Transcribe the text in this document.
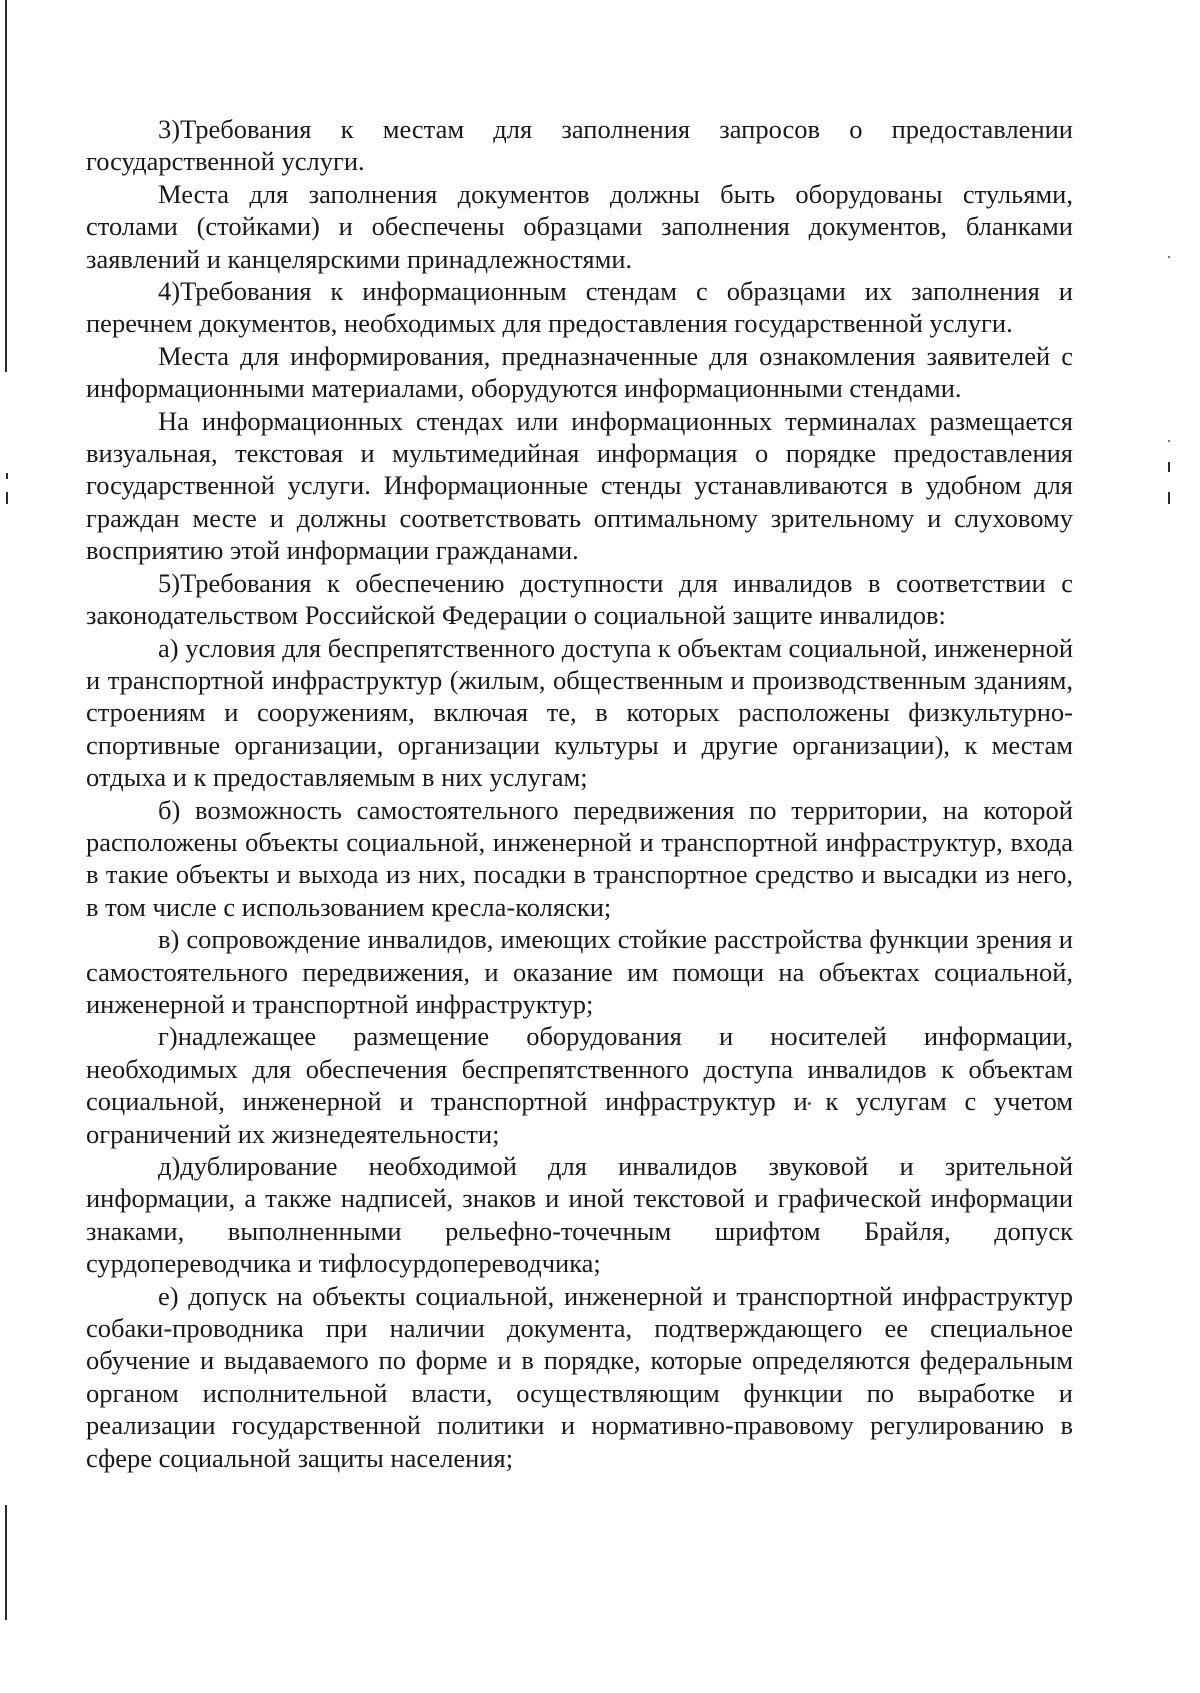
3)Требования к местам для заполнения запросов о предоставлении государственной услуги.

Места для заполнения документов должны быть оборудованы стульями, столами (стойками) и обеспечены образцами заполнения документов, бланками заявлений и канцелярскими принадлежностями.

4)Требования к информационным стендам с образцами их заполнения и перечнем документов, необходимых для предоставления государственной услуги.

Места для информирования, предназначенные для ознакомления заявителей с информационными материалами, оборудуются информационными стендами.

На информационных стендах или информационных терминалах размещается визуальная, текстовая и мультимедийная информация о порядке предоставления государственной услуги. Информационные стенды устанавливаются в удобном для граждан месте и должны соответствовать оптимальному зрительному и слуховому восприятию этой информации гражданами.

5)Требования к обеспечению доступности для инвалидов в соответствии с законодательством Российской Федерации о социальной защите инвалидов:

а) условия для беспрепятственного доступа к объектам социальной, инженерной и транспортной инфраструктур (жилым, общественным и производственным зданиям, строениям и сооружениям, включая те, в которых расположены физкультурно-спортивные организации, организации культуры и другие организации), к местам отдыха и к предоставляемым в них услугам;

б) возможность самостоятельного передвижения по территории, на которой расположены объекты социальной, инженерной и транспортной инфраструктур, входа в такие объекты и выхода из них, посадки в транспортное средство и высадки из него, в том числе с использованием кресла-коляски;

в) сопровождение инвалидов, имеющих стойкие расстройства функции зрения и самостоятельного передвижения, и оказание им помощи на объектах социальной, инженерной и транспортной инфраструктур;

г)надлежащее размещение оборудования и носителей информации, необходимых для обеспечения беспрепятственного доступа инвалидов к объектам социальной, инженерной и транспортной инфраструктур и к услугам с учетом ограничений их жизнедеятельности;

д)дублирование необходимой для инвалидов звуковой и зрительной информации, а также надписей, знаков и иной текстовой и графической информации знаками, выполненными рельефно-точечным шрифтом Брайля, допуск сурдопереводчика и тифлосурдопереводчика;

е) допуск на объекты социальной, инженерной и транспортной инфраструктур собаки-проводника при наличии документа, подтверждающего ее специальное обучение и выдаваемого по форме и в порядке, которые определяются федеральным органом исполнительной власти, осуществляющим функции по выработке и реализации государственной политики и нормативно-правовому регулированию в сфере социальной защиты населения;
